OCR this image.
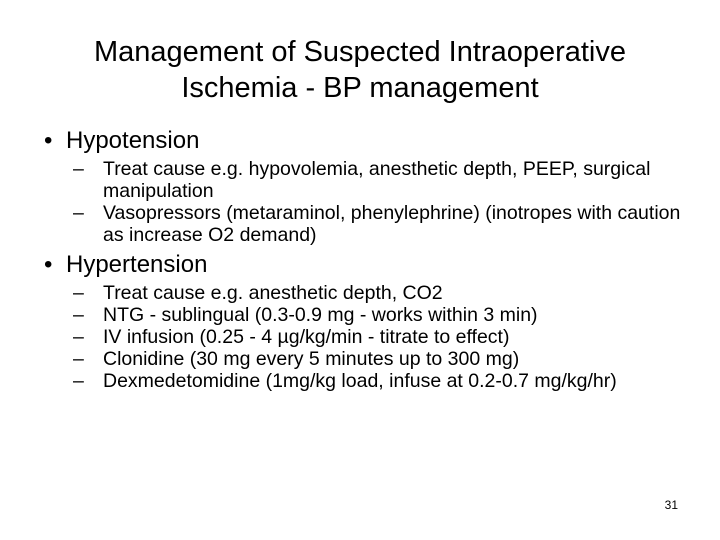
Management of Suspected Intraoperative
Ischemia - BP management
• Hypotension
– Treat cause e.g. hypovolemia, anesthetic depth, PEEP, surgical manipulation
– Vasopressors (metaraminol, phenylephrine) (inotropes with caution as increase O2 demand)
• Hypertension
– Treat cause e.g. anesthetic depth, CO2
– NTG - sublingual (0.3-0.9 mg - works within 3 min)
– IV infusion (0.25 - 4 µg/kg/min - titrate to effect)
– Clonidine (30 mg every 5 minutes up to 300 mg)
– Dexmedetomidine (1mg/kg load, infuse at 0.2-0.7 mg/kg/hr)
31
